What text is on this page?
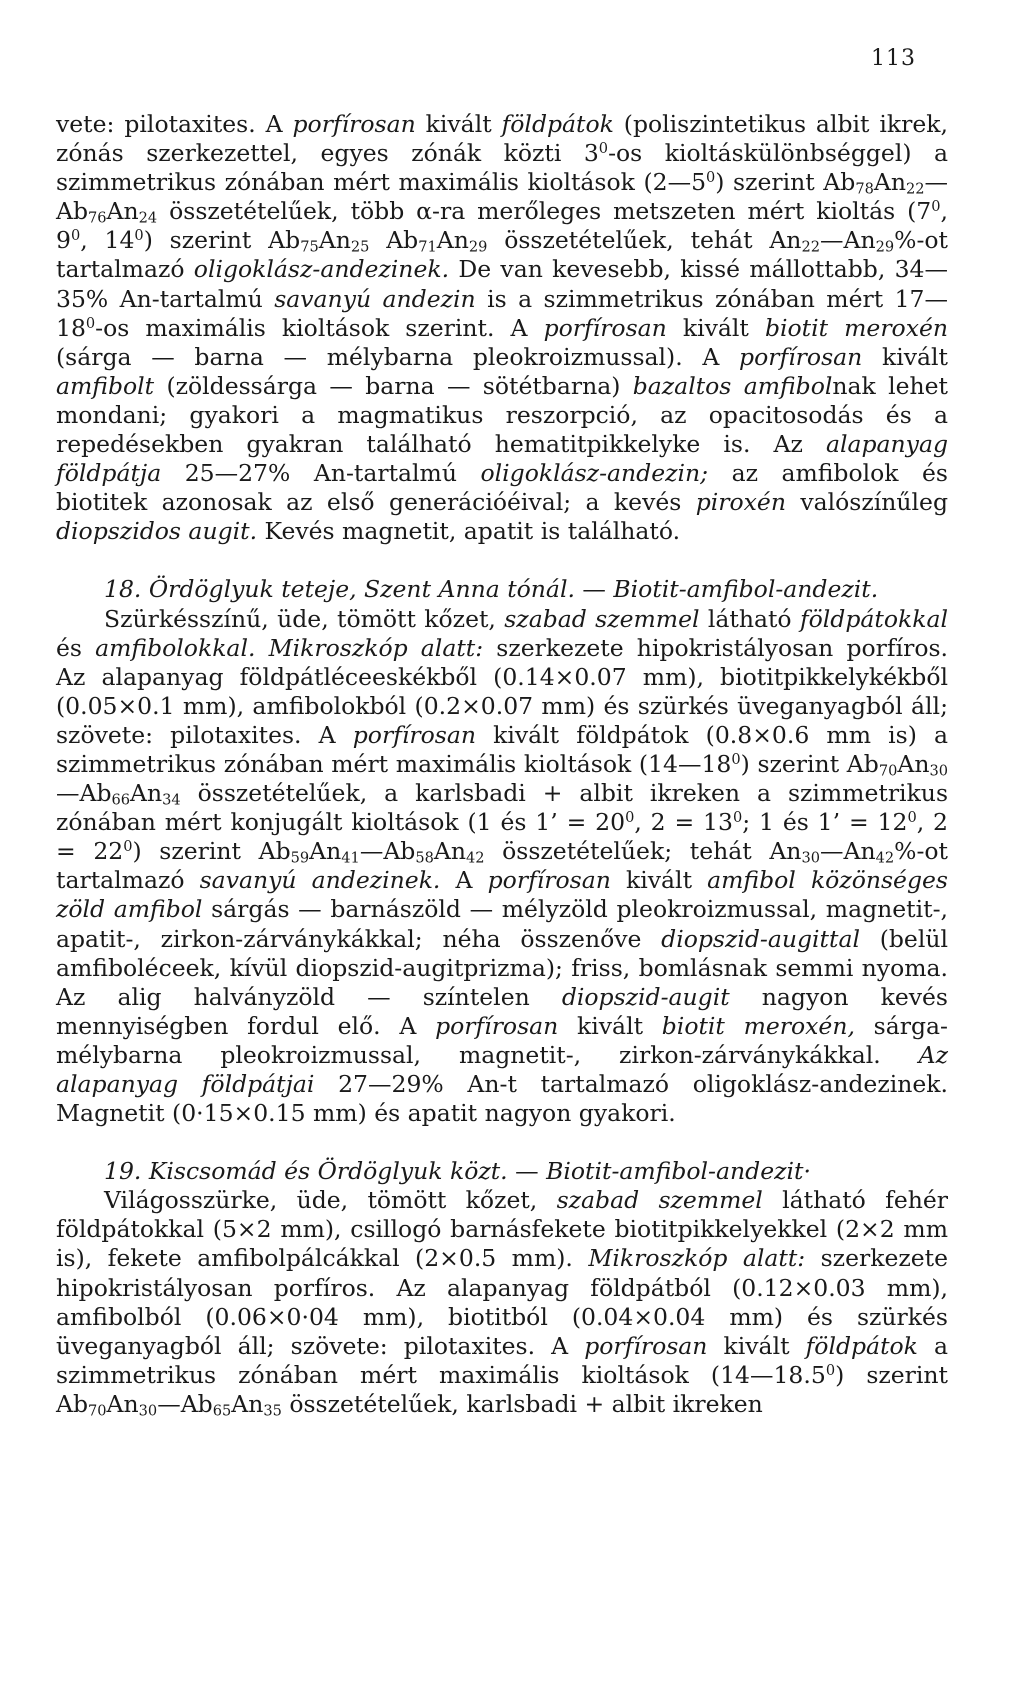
113

vete: pilotaxites. A porfírosan kivált földpátok (poliszintetikus albit ikrek, zónás szerkezettel, egyes zónák közti $3^0-os$ kioltáskülönbséggel) a szimmetrikus zónában mért maximális kioltások $(2—5^0)$ szerint $Ab_{78}An_{22}—Ab_{76}An_{24}$ összetételűek, több α-ra merőleges metszeten mért kioltás ($7^0$, $9^0$, $14^0$) szerint $Ab_{75}An_{25}$ $Ab_{71}An_{29}$ összetételűek, tehát $An_{22}—An_{29}\%-ot$ tartalmazó oligoklász-andezinek. De van kevesebb, kissé mállottabb, 34—35% An-tartalmú savanyú andezin is a szimmetrikus zónában mért $17—18^0-os$ maximális kioltások szerint. A porfírosan kivált biotit meroxén (sárga — barna — mélybarna pleokroizmussal). A porfírosan kivált amfibolt (zöldessárga — barna — sötétbarna) bazaltos amfibolnak lehet mondani; gyakori a magmatikus reszorpció, az opacitosodás és a repedésekben gyakran található hematitpikkelyke is. Az alapanyag földpátja 25—27% An-tartalmú oligoklász-andezin; az amfibolok és biotitek azonosak az első generációéival; a kevés piroxén valószínűleg diopszidos augit. Kevés magnetit, apatit is található.

18. Ördöglyuk teteje, Szent Anna tónál. — Biotit-amfibol-andezit.

Szürkésszínű, üde, tömött kőzet, szabad szemmel látható földpátokkal és amfibolokkal. Mikroszkóp alatt: szerkezete hipokristályosan porfíros. Az alapanyag földpátléceeskékből (0.14×0.07 mm), biotitpikkelykékből (0.05×0.1 mm), amfibolokból (0.2×0.07 mm) és szürkés üveganyagból áll; szövete: pilotaxites. A porfírosan kivált földpátok (0.8×0.6 mm is) a szimmetrikus zónában mért maximális kioltások $(14—18^0)$ szerint $Ab_{70}An_{30}—Ab_{66}An_{34}$ összetételűek, a karlsbadi + albit ikreken a szimmetrikus zónában mért konjugált kioltások (1 és 1’ = $20^0$, $2 = 13^0$; 1 és 1’ = $12^0$, $2 = 22^0$) szerint $Ab_{59}An_{41}—Ab_{58}An_{42}$ összetételűek; tehát $An_{30}—An_{42}\%-ot$ tartalmazó savanyú andezinek. A porfírosan kivált amfibol közönséges zöld amfibol sárgás — barnászöld — mélyzöld pleokroizmussal, magnetit-, apatit-, zirkon-zárványkákkal; néha összenőve diopszid-augittal (belül amfiboléceek, kívül diopszid-augitprizma); friss, bomlásnak semmi nyoma. Az alig halványzöld — színtelen diopszid-augit nagyon kevés mennyiségben fordul elő. A porfírosan kivált biotit meroxén, sárga-mélybarna pleokroizmussal, magnetit-, zirkon-zárványkákkal. Az alapanyag földpátjai 27—29% An-t tartalmazó oligoklász-andezinek. Magnetit (0·15×0.15 mm) és apatit nagyon gyakori.

19. Kiscsomád és Ördöglyuk közt. — Biotit-amfibol-andezit·

Világosszürke, üde, tömött kőzet, szabad szemmel látható fehér földpátokkal (5×2 mm), csillogó barnásfekete biotitpikkelyekkel (2×2 mm is), fekete amfibolpálcákkal (2×0.5 mm). Mikroszkóp alatt: szerkezete hipokristályosan porfíros. Az alapanyag földpátból (0.12×0.03 mm), amfibolból (0.06×0·04 mm), biotitból (0.04×0.04 mm) és szürkés üveganyagból áll; szövete: pilotaxites. A porfírosan kivált földpátok a szimmetrikus zónában mért maximális kioltások (14—18.5$^0$) szerint $Ab_{70}An_{30}—Ab_{65}An_{35}$ összetételűek, karlsbadi + albit ikreken
